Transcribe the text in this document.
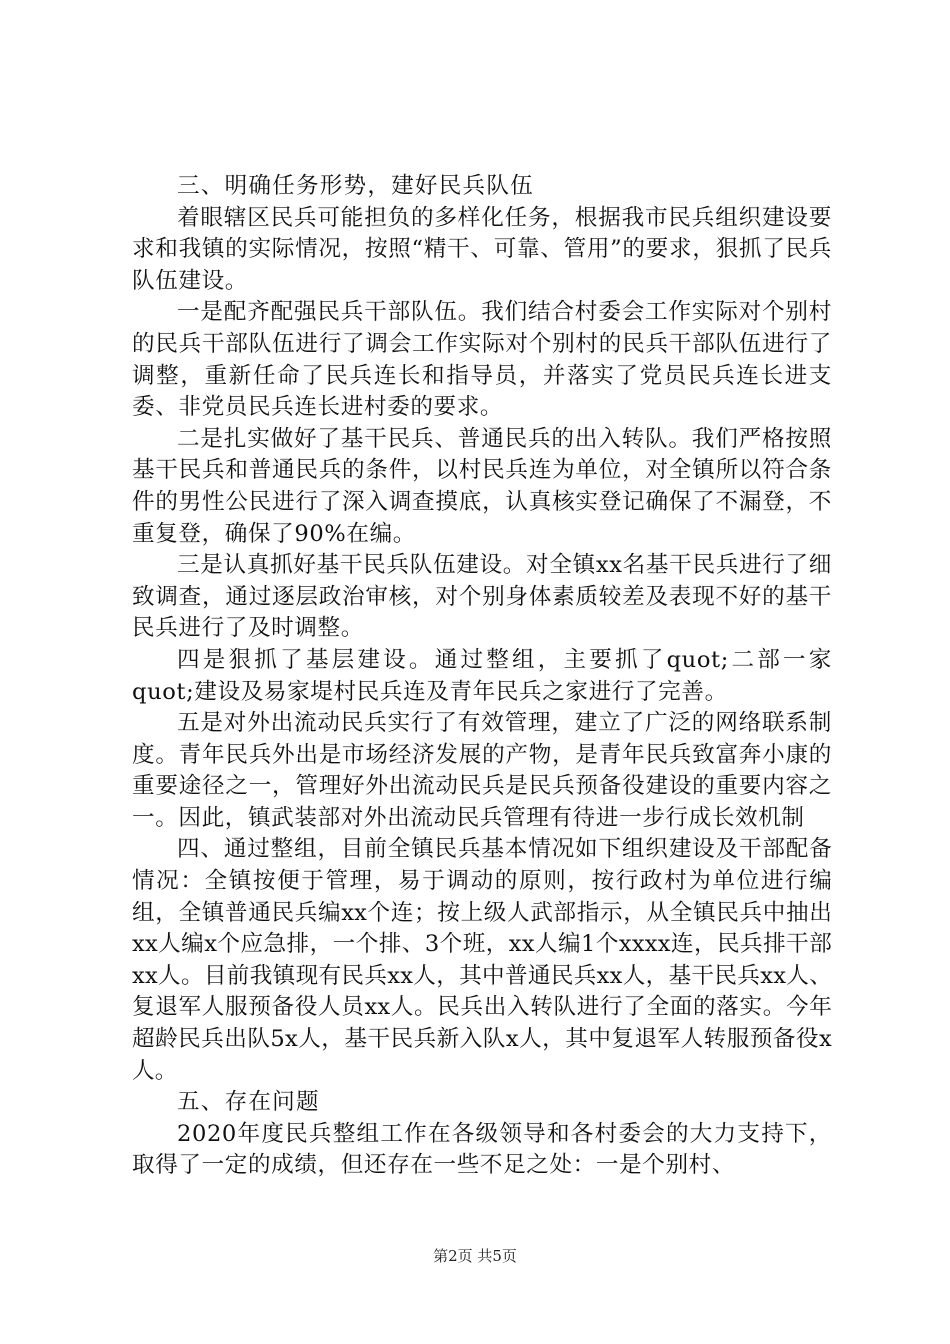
三、明确任务形势，建好民兵队伍

着眼辖区民兵可能担负的多样化任务，根据我市民兵组织建设要求和我镇的实际情况，按照“精干、可靠、管用”的要求，狠抓了民兵队伍建设。

一是配齐配强民兵干部队伍。我们结合村委会工作实际对个别村的民兵干部队伍进行了调会工作实际对个别村的民兵干部队伍进行了调整，重新任命了民兵连长和指导员，并落实了党员民兵连长进支委、非党员民兵连长进村委的要求。

二是扎实做好了基干民兵、普通民兵的出入转队。我们严格按照基干民兵和普通民兵的条件，以村民兵连为单位，对全镇所以符合条件的男性公民进行了深入调查摸底，认真核实登记确保了不漏登，不重复登，确保了90%在编。

三是认真抓好基干民兵队伍建设。对全镇xx名基干民兵进行了细致调查，通过逐层政治审核，对个别身体素质较差及表现不好的基干民兵进行了及时调整。

四是狠抓了基层建设。通过整组，主要抓了quot;二部一家quot;建设及易家堤村民兵连及青年民兵之家进行了完善。

五是对外出流动民兵实行了有效管理，建立了广泛的网络联系制度。青年民兵外出是市场经济发展的产物，是青年民兵致富奔小康的重要途径之一，管理好外出流动民兵是民兵预备役建设的重要内容之一。因此，镇武装部对外出流动民兵管理有待进一步行成长效机制

四、通过整组，目前全镇民兵基本情况如下组织建设及干部配备情况：全镇按便于管理，易于调动的原则，按行政村为单位进行编组，全镇普通民兵编xx个连；按上级人武部指示，从全镇民兵中抽出xx人编x个应急排，一个排、3个班，xx人编1个xxxx连，民兵排干部xx人。目前我镇现有民兵xx人，其中普通民兵xx人，基干民兵xx人、复退军人服预备役人员xx人。民兵出入转队进行了全面的落实。今年超龄民兵出队5x人，基干民兵新入队x人，其中复退军人转服预备役x人。

五、存在问题

2020年度民兵整组工作在各级领导和各村委会的大力支持下，取得了一定的成绩，但还存在一些不足之处：一是个别村、

第2页 共5页
